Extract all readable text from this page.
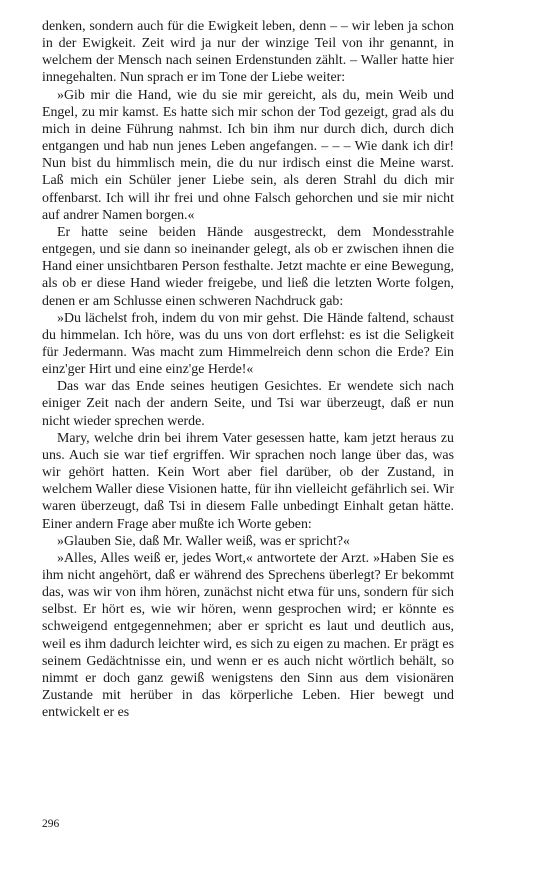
denken, sondern auch für die Ewigkeit leben, denn – – wir leben ja schon in der Ewigkeit. Zeit wird ja nur der winzige Teil von ihr genannt, in welchem der Mensch nach seinen Erdenstunden zählt. – Waller hatte hier innegehalten. Nun sprach er im Tone der Liebe weiter:

»Gib mir die Hand, wie du sie mir gereicht, als du, mein Weib und Engel, zu mir kamst. Es hatte sich mir schon der Tod gezeigt, grad als du mich in deine Führung nahmst. Ich bin ihm nur durch dich, durch dich entgangen und hab nun jenes Leben angefangen. – – – Wie dank ich dir! Nun bist du himmlisch mein, die du nur irdisch einst die Meine warst. Laß mich ein Schüler jener Liebe sein, als deren Strahl du dich mir offenbarst. Ich will ihr frei und ohne Falsch gehorchen und sie mir nicht auf andrer Namen borgen.«

Er hatte seine beiden Hände ausgestreckt, dem Mondesstrahle entgegen, und sie dann so ineinander gelegt, als ob er zwischen ihnen die Hand einer unsichtbaren Person festhalte. Jetzt machte er eine Bewegung, als ob er diese Hand wieder freigebe, und ließ die letzten Worte folgen, denen er am Schlusse einen schweren Nachdruck gab:

»Du lächelst froh, indem du von mir gehst. Die Hände faltend, schaust du himmelan. Ich höre, was du uns von dort erflehst: es ist die Seligkeit für Jedermann. Was macht zum Himmelreich denn schon die Erde? Ein einz'ger Hirt und eine einz'ge Herde!«

Das war das Ende seines heutigen Gesichtes. Er wendete sich nach einiger Zeit nach der andern Seite, und Tsi war überzeugt, daß er nun nicht wieder sprechen werde.

Mary, welche drin bei ihrem Vater gesessen hatte, kam jetzt heraus zu uns. Auch sie war tief ergriffen. Wir sprachen noch lange über das, was wir gehört hatten. Kein Wort aber fiel darüber, ob der Zustand, in welchem Waller diese Visionen hatte, für ihn vielleicht gefährlich sei. Wir waren überzeugt, daß Tsi in diesem Falle unbedingt Einhalt getan hätte. Einer andern Frage aber mußte ich Worte geben:

»Glauben Sie, daß Mr. Waller weiß, was er spricht?«

»Alles, Alles weiß er, jedes Wort,« antwortete der Arzt. »Haben Sie es ihm nicht angehört, daß er während des Sprechens überlegt? Er bekommt das, was wir von ihm hören, zunächst nicht etwa für uns, sondern für sich selbst. Er hört es, wie wir hören, wenn gesprochen wird; er könnte es schweigend entgegennehmen; aber er spricht es laut und deutlich aus, weil es ihm dadurch leichter wird, es sich zu eigen zu machen. Er prägt es seinem Gedächtnisse ein, und wenn er es auch nicht wörtlich behält, so nimmt er doch ganz gewiß wenigstens den Sinn aus dem visionären Zustande mit herüber in das körperliche Leben. Hier bewegt und entwickelt er es

296
